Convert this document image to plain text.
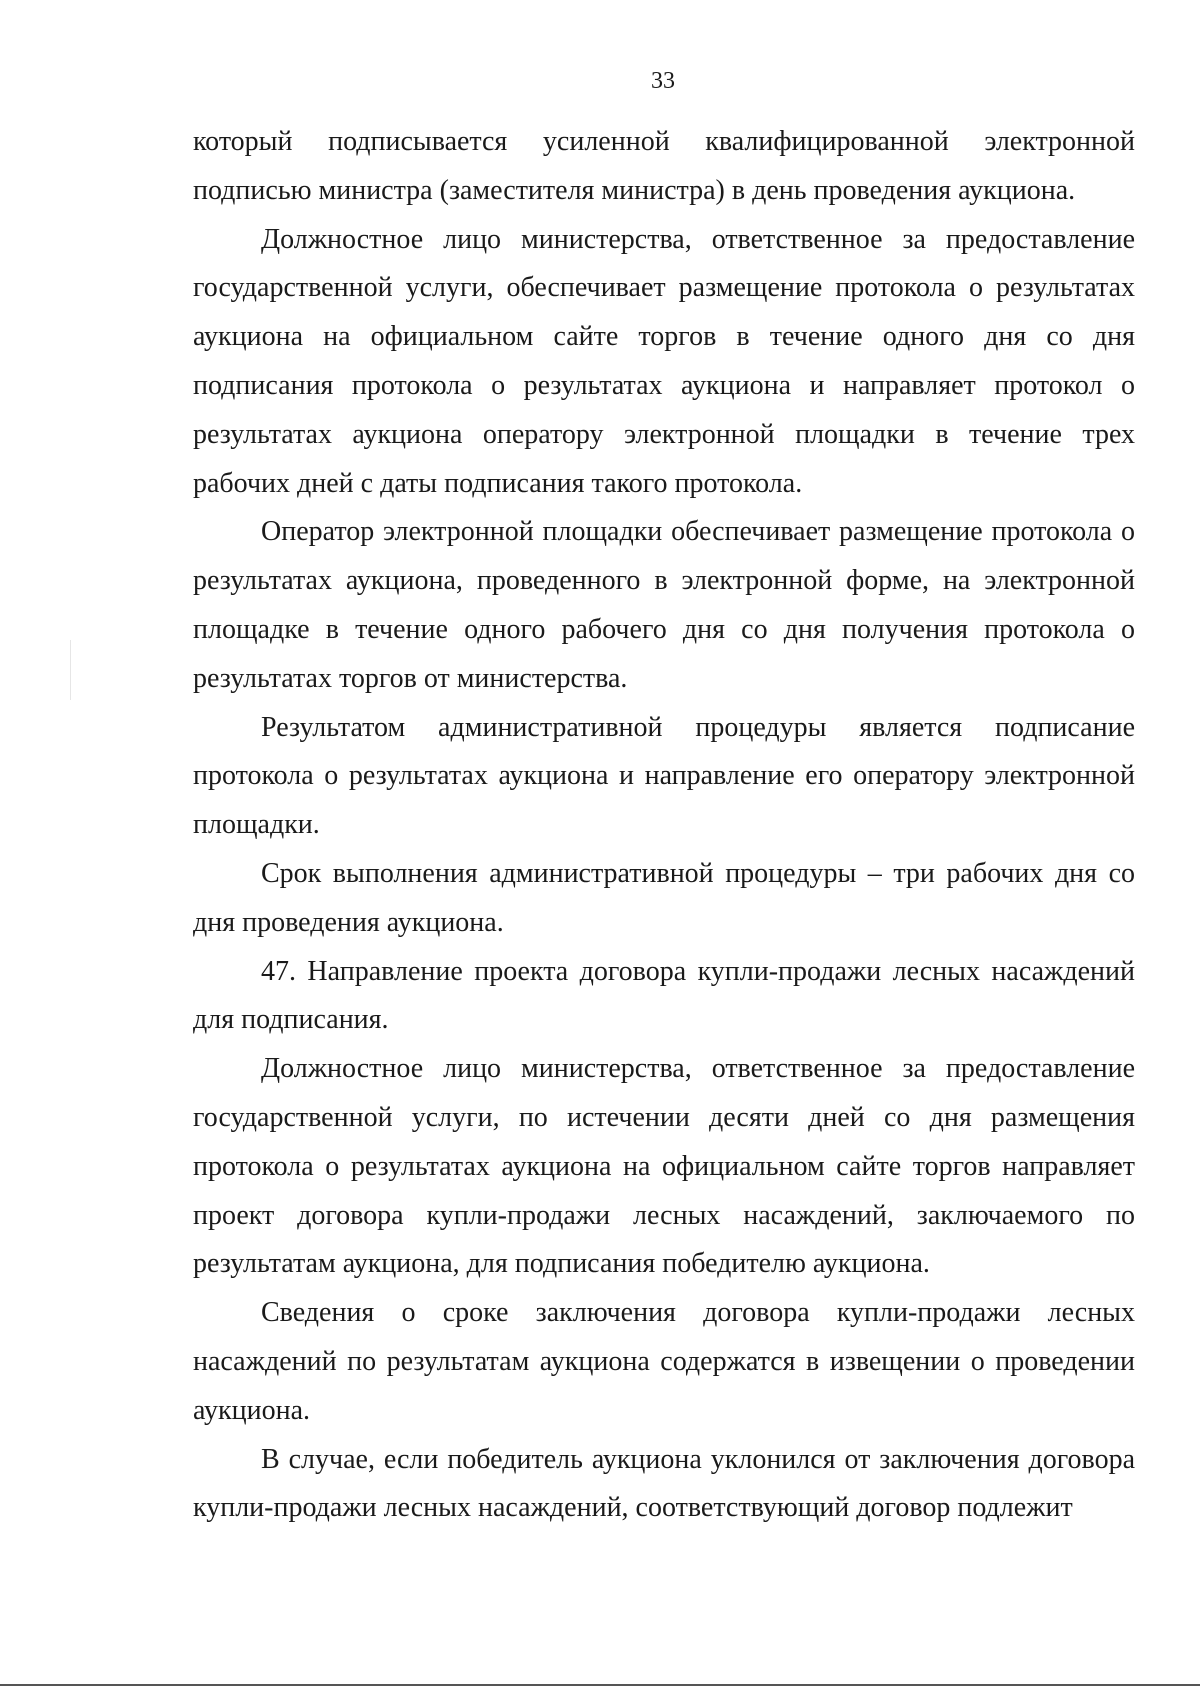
33

который подписывается усиленной квалифицированной электронной подписью министра (заместителя министра) в день проведения аукциона.

Должностное лицо министерства, ответственное за предоставление государственной услуги, обеспечивает размещение протокола о результатах аукциона на официальном сайте торгов в течение одного дня со дня подписания протокола о результатах аукциона и направляет протокол о результатах аукциона оператору электронной площадки в течение трех рабочих дней с даты подписания такого протокола.

Оператор электронной площадки обеспечивает размещение протокола о результатах аукциона, проведенного в электронной форме, на электронной площадке в течение одного рабочего дня со дня получения протокола о результатах торгов от министерства.

Результатом административной процедуры является подписание протокола о результатах аукциона и направление его оператору электронной площадки.

Срок выполнения административной процедуры – три рабочих дня со дня проведения аукциона.

47. Направление проекта договора купли-продажи лесных насаждений для подписания.

Должностное лицо министерства, ответственное за предоставление государственной услуги, по истечении десяти дней со дня размещения протокола о результатах аукциона на официальном сайте торгов направляет проект договора купли-продажи лесных насаждений, заключаемого по результатам аукциона, для подписания победителю аукциона.

Сведения о сроке заключения договора купли-продажи лесных насаждений по результатам аукциона содержатся в извещении о проведении аукциона.

В случае, если победитель аукциона уклонился от заключения договора купли-продажи лесных насаждений, соответствующий договор подлежит
